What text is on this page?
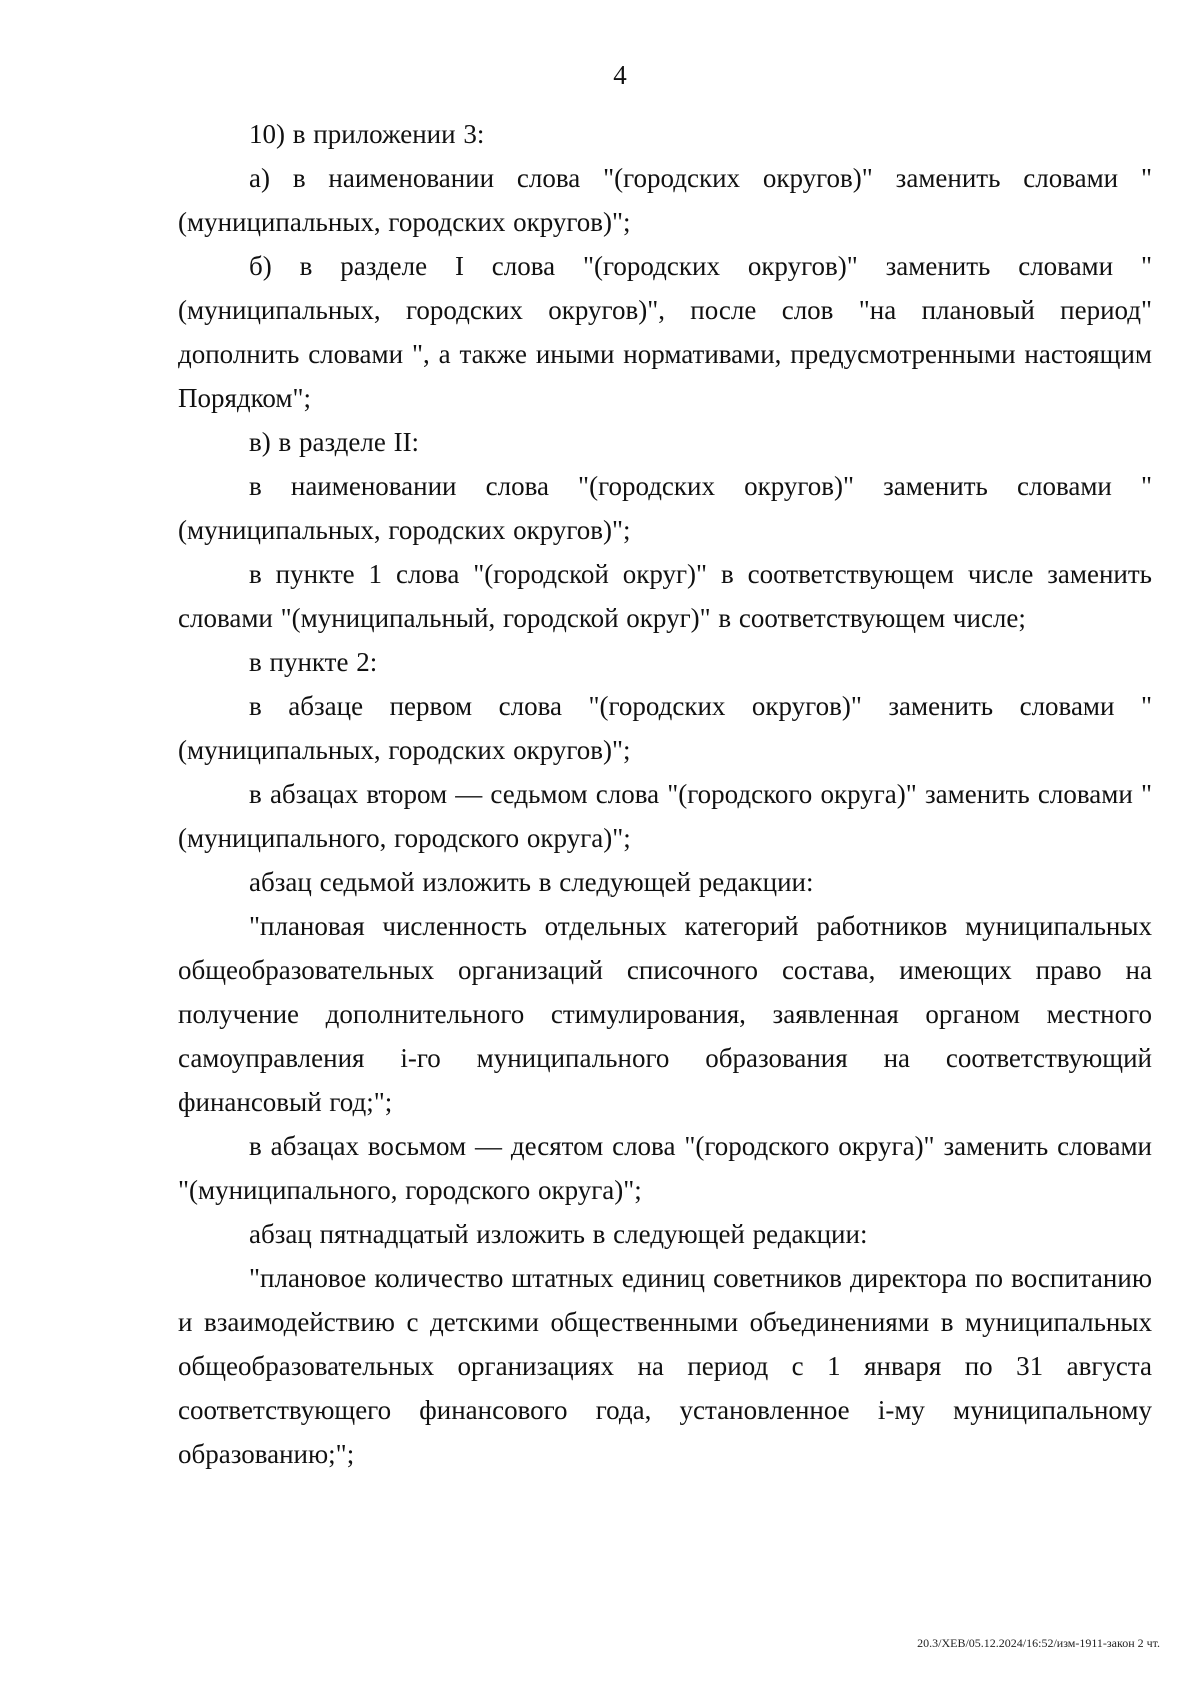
4

10) в приложении 3:

а) в наименовании слова "(городских округов)" заменить словами "(муниципальных, городских округов)";

б) в разделе I слова "(городских округов)" заменить словами "(муниципальных, городских округов)", после слов "на плановый период" дополнить словами ", а также иными нормативами, предусмотренными настоящим Порядком";

в) в разделе II:

в наименовании слова "(городских округов)" заменить словами "(муниципальных, городских округов)";

в пункте 1 слова "(городской округ)" в соответствующем числе заменить словами "(муниципальный, городской округ)" в соответствующем числе;

в пункте 2:

в абзаце первом слова "(городских округов)" заменить словами "(муниципальных, городских округов)";

в абзацах втором — седьмом слова "(городского округа)" заменить словами "(муниципального, городского округа)";

абзац седьмой изложить в следующей редакции:

"плановая численность отдельных категорий работников муниципальных общеобразовательных организаций списочного состава, имеющих право на получение дополнительного стимулирования, заявленная органом местного самоуправления i-го муниципального образования на соответствующий финансовый год;";

в абзацах восьмом — десятом слова "(городского округа)" заменить словами "(муниципального, городского округа)";

абзац пятнадцатый изложить в следующей редакции:

"плановое количество штатных единиц советников директора по воспитанию и взаимодействию с детскими общественными объединениями в муниципальных общеобразовательных организациях на период с 1 января по 31 августа соответствующего финансового года, установленное i-му муниципальному образованию;";

20.3/ХЕВ/05.12.2024/16:52/изм-1911-закон 2 чт.
